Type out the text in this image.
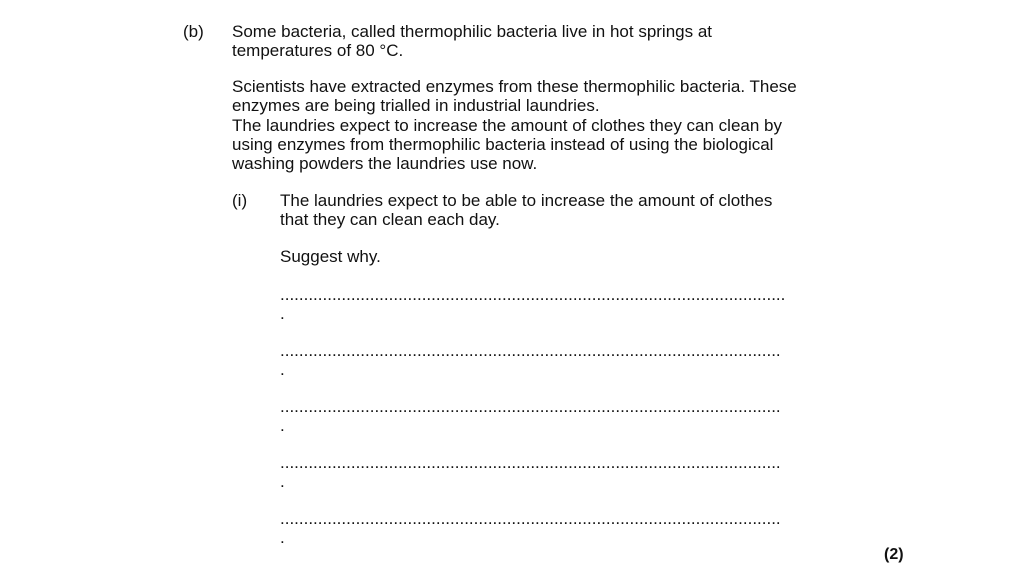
(b) Some bacteria, called thermophilic bacteria live in hot springs at
temperatures of 80 °C.
Scientists have extracted enzymes from these thermophilic bacteria. These
enzymes are being trialled in industrial laundries.
The laundries expect to increase the amount of clothes they can clean by
using enzymes from thermophilic bacteria instead of using the biological
washing powders the laundries use now.
(i) The laundries expect to be able to increase the amount of clothes
that they can clean each day.
Suggest why.
...........................................................................................................
.
..........................................................................................................
.
..........................................................................................................
.
..........................................................................................................
.
..........................................................................................................
.
(2)
